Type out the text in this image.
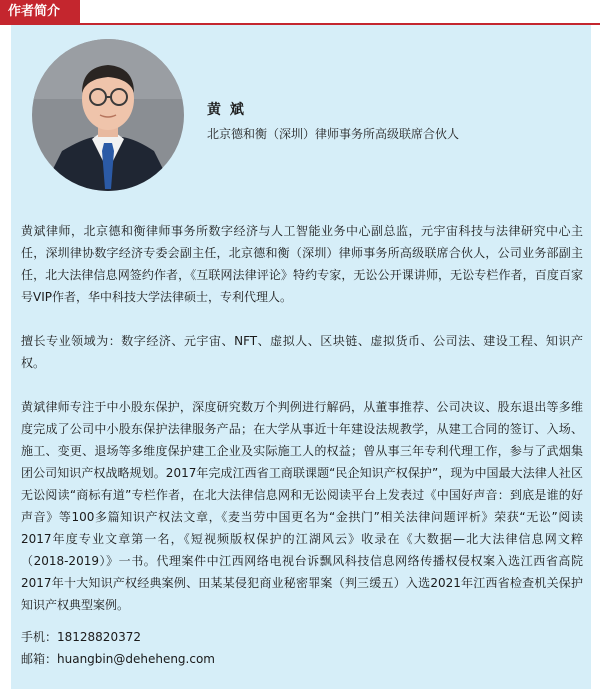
作者简介
黄 斌
北京德和衡（深圳）律师事务所高级联席合伙人

黄斌律师，北京德和衡律师事务所数字经济与人工智能业务中心副总监，元宇宙科技与法律研究中心主任，深圳律协数字经济专委会副主任，北京德和衡（深圳）律师事务所高级联席合伙人，公司业务部副主任，北大法律信息网签约作者，《互联网法律评论》特约专家，无讼公开课讲师，无讼专栏作者，百度百家号VIP作者，华中科技大学法律硕士，专利代理人。

擅长专业领域为：数字经济、元宇宙、NFT、虚拟人、区块链、虚拟货币、公司法、建设工程、知识产权。

黄斌律师专注于中小股东保护，深度研究数万个判例进行解码，从董事推荐、公司决议、股东退出等多维度完成了公司中小股东保护法律服务产品；在大学从事近十年建设法规教学，从建工合同的签订、入场、施工、变更、退场等多维度保护建工企业及实际施工人的权益；曾从事三年专利代理工作，参与了武烟集团公司知识产权战略规划。2017年完成江西省工商联课题“民企知识产权保护”，现为中国最大法律人社区无讼阅读“商标有道”专栏作者，在北大法律信息网和无讼阅读平台上发表过《中国好声音：到底是谁的好声音》等100多篇知识产权法文章，《麦当劳中国更名为“金拱门”相关法律问题评析》荣获“无讼”阅读2017年度专业文章第一名，《短视频版权保护的江湖风云》收录在《大数据—北大法律信息网文粹（2018-2019）》一书。代理案件中江西网络电视台诉飘风科技信息网络传播权侵权案入选江西省高院2017年十大知识产权经典案例、田某某侵犯商业秘密罪案（判三缓五）入选2021年江西省检查机关保护知识产权典型案例。

手机：18128820372
邮箱：huangbin@deheheng.com
